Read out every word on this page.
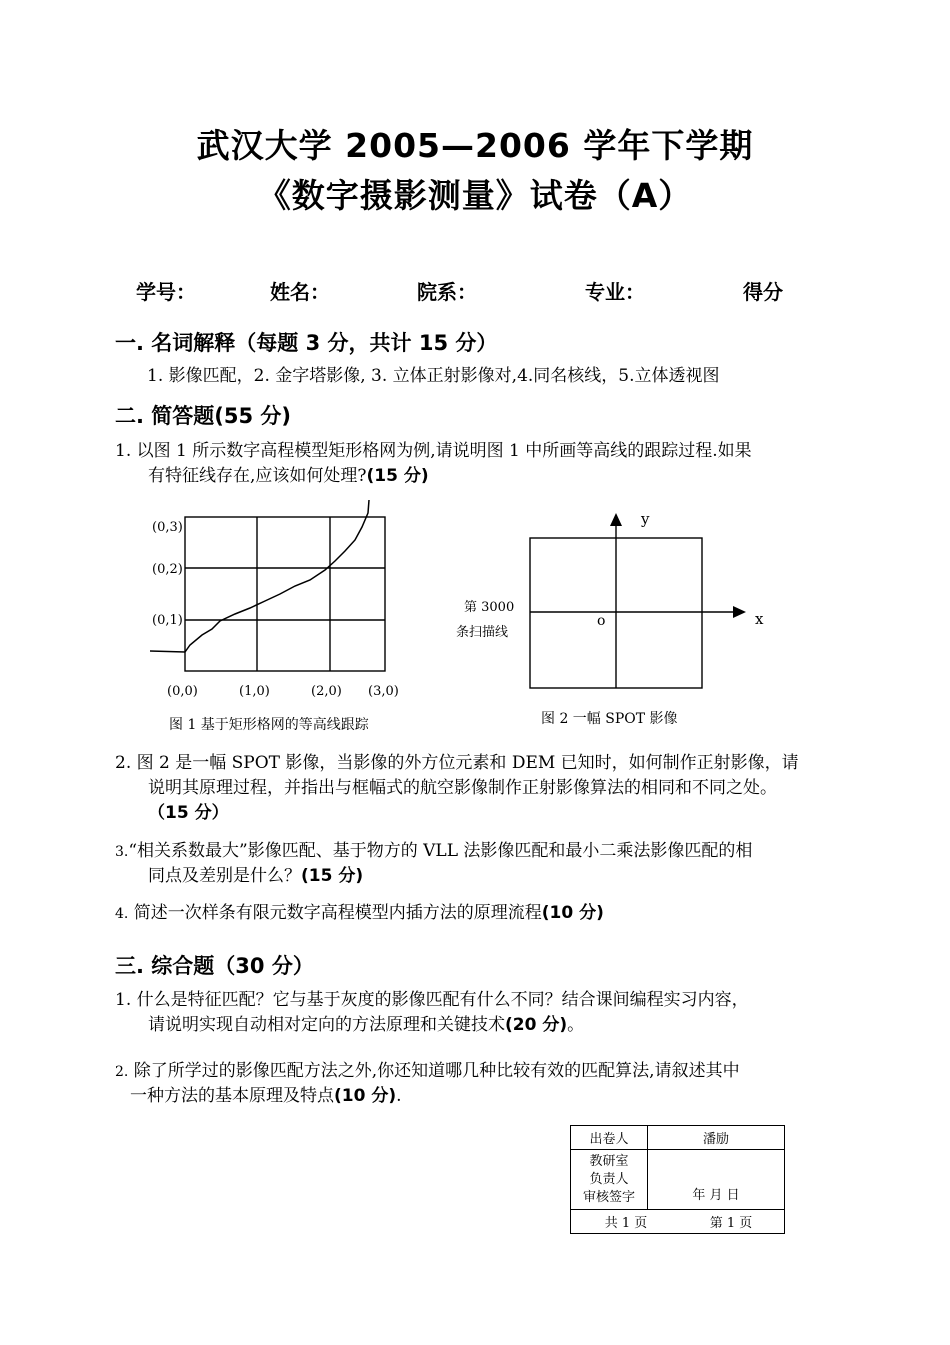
武汉大学 2005—2006 学年下学期
《数字摄影测量》试卷（A）
学号：	姓名：	院系：	专业：	得分
一. 名词解释（每题 3 分，共计 15 分）
1. 影像匹配，2. 金字塔影像, 3. 立体正射影像对,4.同名核线，5.立体透视图
二. 简答题(55 分)
1. 以图 1 所示数字高程模型矩形格网为例,请说明图 1 中所画等高线的跟踪过程.如果
有特征线存在,应该如何处理?(15 分)
(0,3)
(0,2)
(0,1)
(0,0)	(1,0)	(2,0) (3,0)
图 1 基于矩形格网的等高线跟踪
y
x
o
第 3000
条扫描线
图 2 一幅 SPOT 影像
2. 图 2 是一幅 SPOT 影像，当影像的外方位元素和 DEM 已知时，如何制作正射影像，请
说明其原理过程，并指出与框幅式的航空影像制作正射影像算法的相同和不同之处。
（15 分）
3.“相关系数最大”影像匹配、基于物方的 VLL 法影像匹配和最小二乘法影像匹配的相
同点及差别是什么？(15 分)
4. 简述一次样条有限元数字高程模型内插方法的原理流程(10 分)
三. 综合题（30 分）
1. 什么是特征匹配？它与基于灰度的影像匹配有什么不同？结合课间编程实习内容，
请说明实现自动相对定向的方法原理和关键技术(20 分)。
2. 除了所学过的影像匹配方法之外,你还知道哪几种比较有效的匹配算法,请叙述其中
一种方法的基本原理及特点(10 分).
出卷人	潘励

教研室
负责人
审核签字	年 月 日
共 1 页 第 1 页	
